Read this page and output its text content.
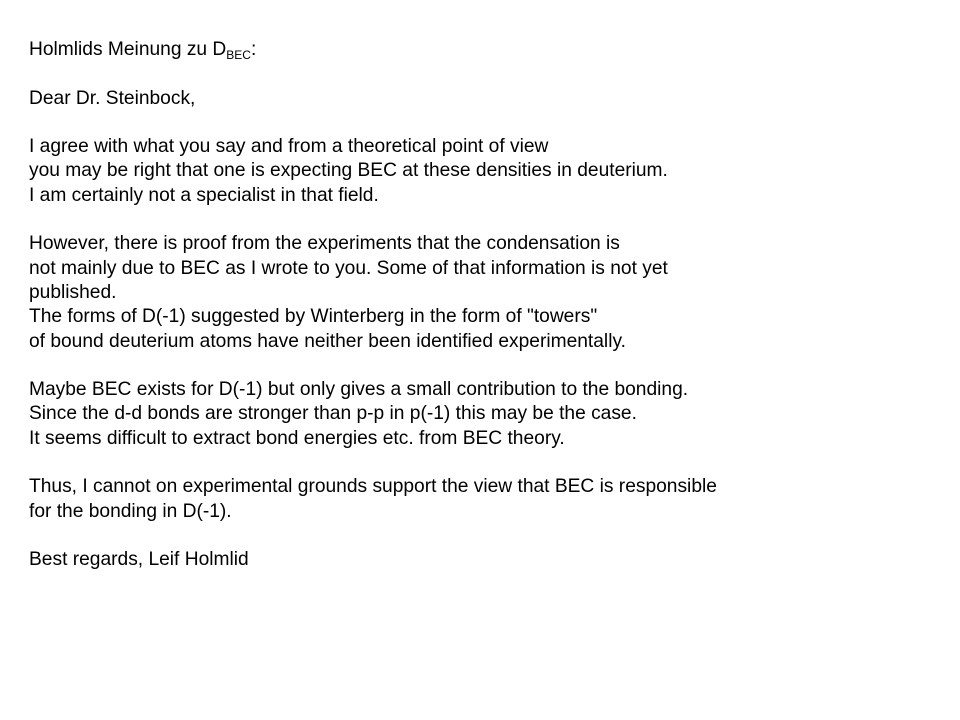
Holmlids Meinung zu $D_{BEC}$:
Dear Dr. Steinbock,
I agree with what you say and from a theoretical point of view
you may be right that one is expecting BEC at these densities in deuterium.
I am certainly not a specialist in that field.
However, there is proof from the experiments that the condensation is
not mainly due to BEC as I wrote to you. Some of that information is not yet
published.
The forms of D(-1) suggested by Winterberg in the form of "towers"
of bound deuterium atoms have neither been identified experimentally.
Maybe BEC exists for D(-1) but only gives a small contribution to the bonding.
Since the d-d bonds are stronger than p-p in p(-1) this may be the case.
It seems difficult to extract bond energies etc. from BEC theory.
Thus, I cannot on experimental grounds support the view that BEC is responsible
for the bonding in D(-1).
Best regards, Leif Holmlid
